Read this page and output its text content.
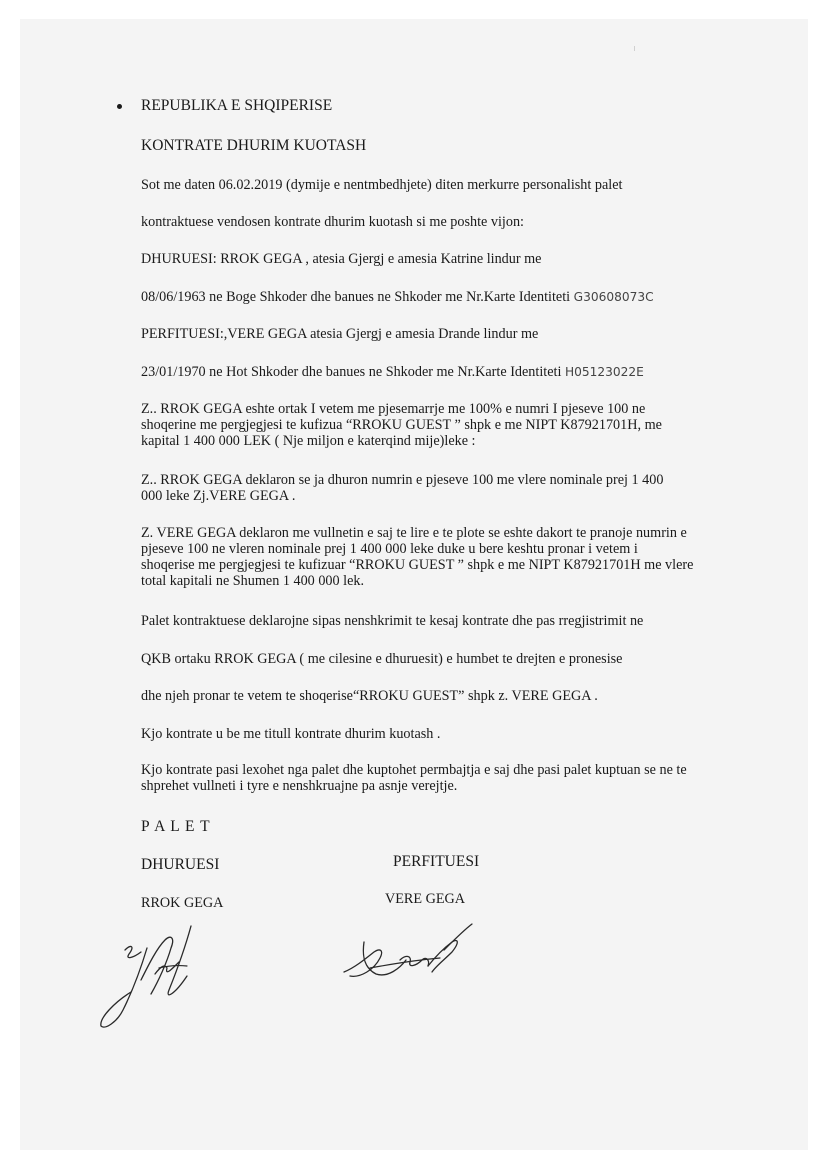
REPUBLIKA E SHQIPERISE
KONTRATE DHURIM KUOTASH
Sot me daten 06.02.2019 (dymije e nentmbedhjete) diten merkurre personalisht palet
kontraktuese vendosen kontrate dhurim kuotash si me poshte vijon:
DHURUESI: RROK GEGA , atesia Gjergj e amesia Katrine lindur me
08/06/1963 ne Boge Shkoder dhe banues ne Shkoder me Nr.Karte Identiteti G30608073C
PERFITUESI:,VERE GEGA atesia Gjergj e amesia Drande lindur me
23/01/1970 ne Hot Shkoder dhe banues ne Shkoder me Nr.Karte Identiteti H05123022E
Z.. RROK GEGA eshte ortak I vetem me pjesemarrje me 100% e numri I pjeseve 100 ne
shoqerine me pergjegjesi te kufizua “RROKU GUEST ” shpk e me NIPT K87921701H, me
kapital 1 400 000 LEK ( Nje miljon e katerqind mije)leke :
Z.. RROK GEGA deklaron se ja dhuron numrin e pjeseve 100 me vlere nominale prej 1 400
000 leke Zj.VERE GEGA .
Z. VERE GEGA deklaron me vullnetin e saj te lire e te plote se eshte dakort te pranoje numrin e
pjeseve 100 ne vleren nominale prej 1 400 000 leke duke u bere keshtu pronar i vetem i
shoqerise me pergjegjesi te kufizuar “RROKU GUEST ” shpk e me NIPT K87921701H me vlere
total kapitali ne Shumen 1 400 000 lek.
Palet kontraktuese deklarojne sipas nenshkrimit te kesaj kontrate dhe pas rregjistrimit ne
QKB ortaku RROK GEGA ( me cilesine e dhuruesit) e humbet te drejten e pronesise
dhe njeh pronar te vetem te shoqerise“RROKU GUEST” shpk z. VERE GEGA .
Kjo kontrate u be me titull kontrate dhurim kuotash .
Kjo kontrate pasi lexohet nga palet dhe kuptohet permbajtja e saj dhe pasi palet kuptuan se ne te
shprehet vullneti i tyre e nenshkruajne pa asnje verejtje.
P A L E T
DHURUESI	PERFITUESI
RROK GEGA	VERE GEGA
